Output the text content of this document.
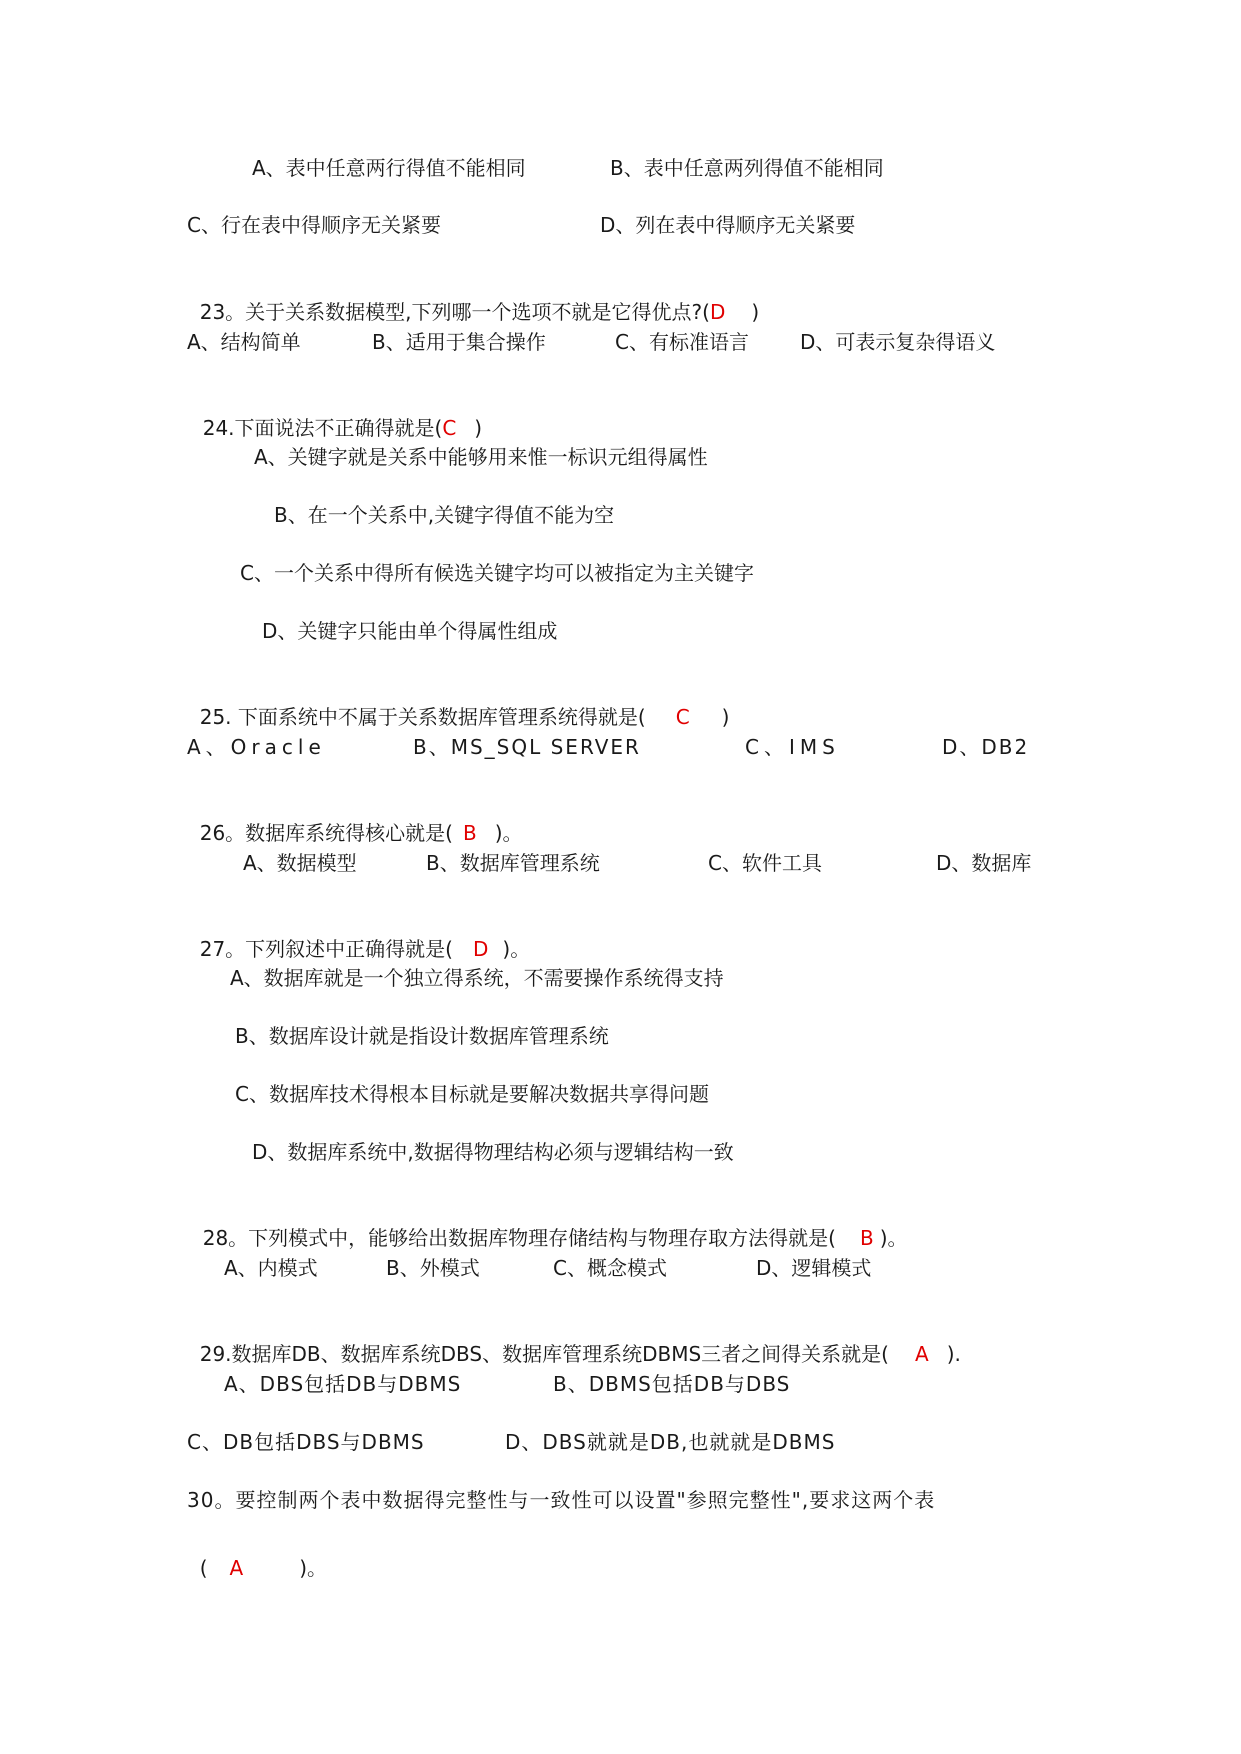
A、表中任意两行得值不能相同	B、表中任意两列得值不能相同
C、行在表中得顺序无关紧要	D、列在表中得顺序无关紧要

23。关于关系数据模型,下列哪一个选项不就是它得优点?(D )

A、结构简单	B、适用于集合操作	C、有标准语言	D、可表示复杂得语义

24.下面说法不正确得就是(C )

A、关键字就是关系中能够用来惟一标识元组得属性
B、在一个关系中,关键字得值不能为空
C、一个关系中得所有候选关键字均可以被指定为主关键字
D、关键字只能由单个得属性组成

25. 下面系统中不属于关系数据库管理系统得就是( C )

A、Oracle	B、MS_SQL SERVER	C、IMS	D、DB2

26。数据库系统得核心就是( B )。

A、数据模型	B、数据库管理系统	C、软件工具	D、数据库

27。下列叙述中正确得就是( D )。

A、数据库就是一个独立得系统，不需要操作系统得支持
B、数据库设计就是指设计数据库管理系统
C、数据库技术得根本目标就是要解决数据共享得问题
D、数据库系统中,数据得物理结构必须与逻辑结构一致

28。下列模式中，能够给出数据库物理存储结构与物理存取方法得就是( B )。

A、内模式	B、外模式	C、概念模式	D、逻辑模式

29.数据库DB、数据库系统DBS、数据库管理系统DBMS三者之间得关系就是( A ).

A、DBS包括DB与DBMS	B、DBMS包括DB与DBS
C、DB包括DBS与DBMS	D、DBS就就是DB,也就就是DBMS
30。要控制两个表中数据得完整性与一致性可以设置"参照完整性",要求这两个表

( A	)。
